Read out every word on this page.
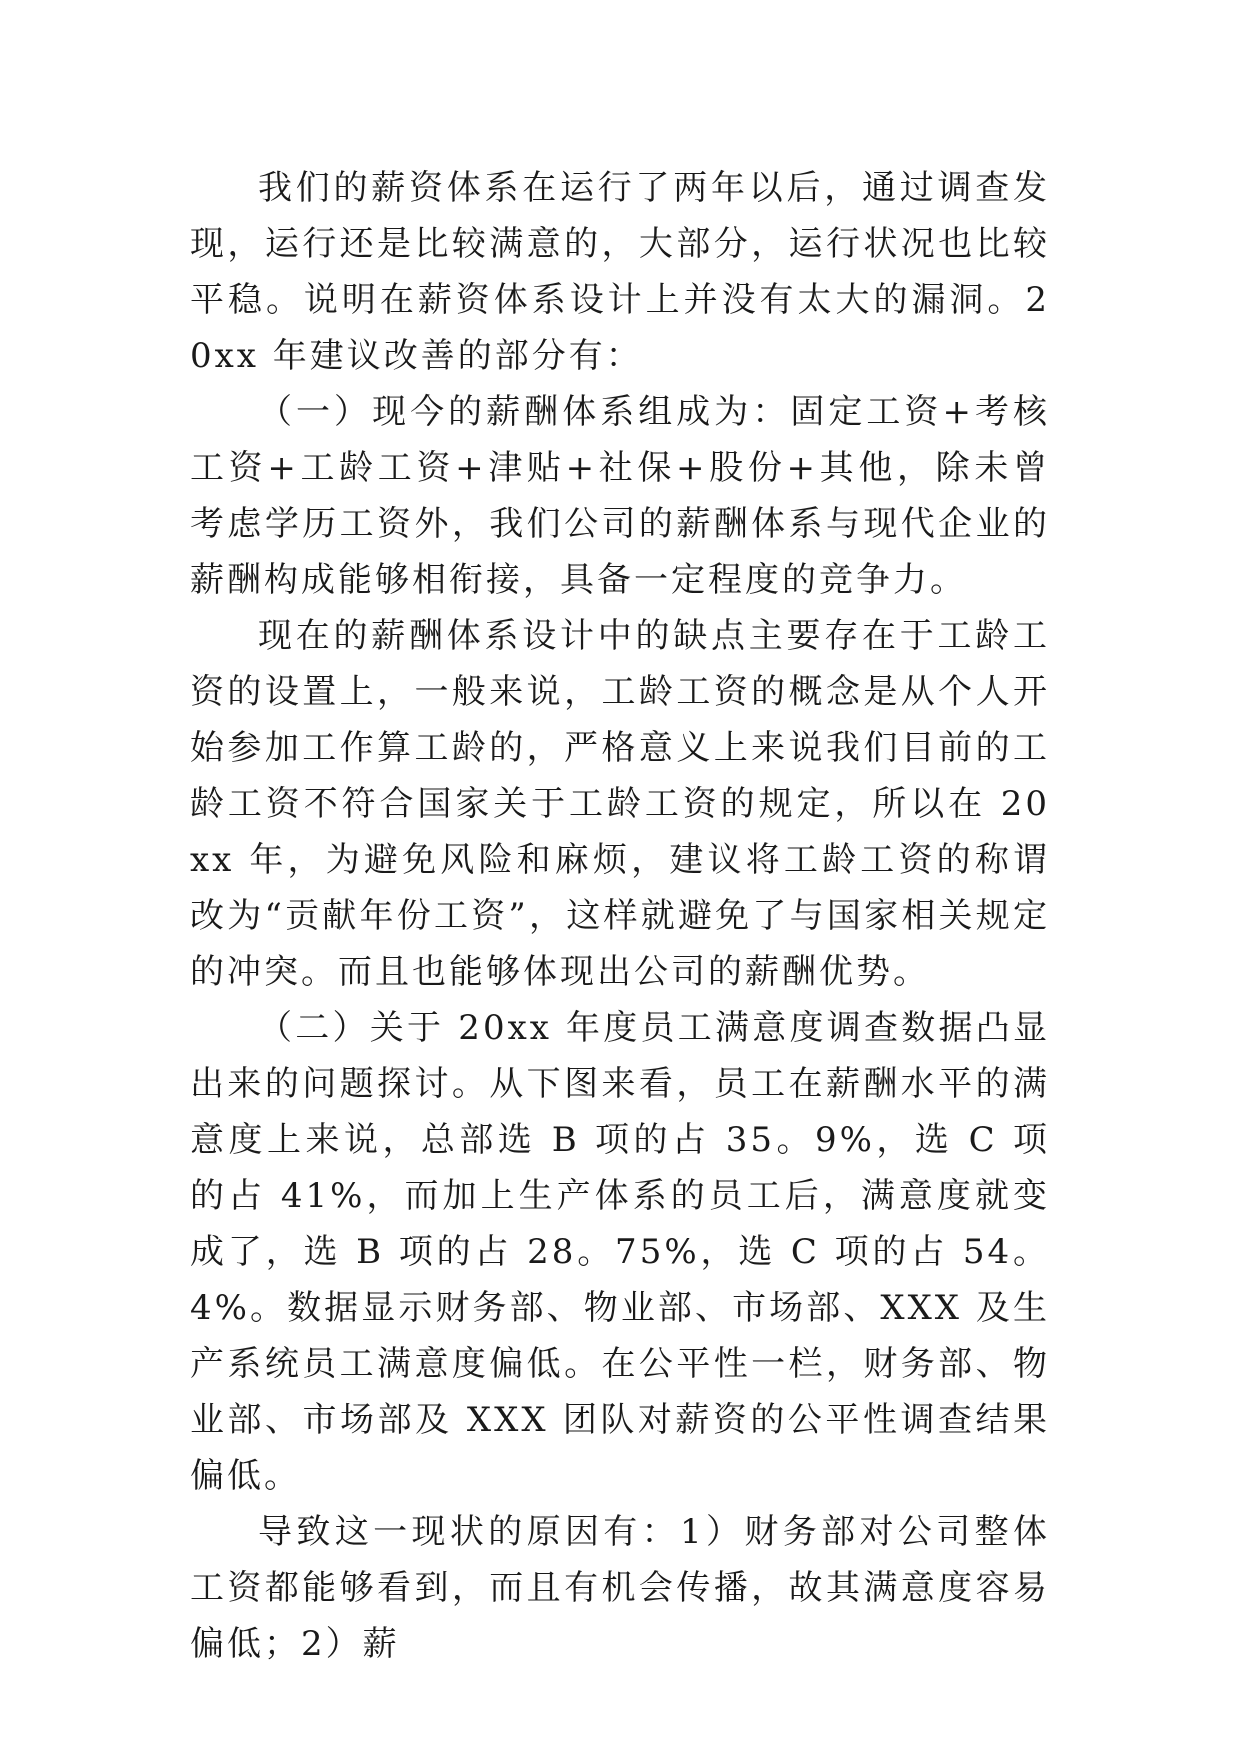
我们的薪资体系在运行了两年以后，通过调查发现，运行还是比较满意的，大部分，运行状况也比较平稳。说明在薪资体系设计上并没有太大的漏洞。20xx 年建议改善的部分有：

（一）现今的薪酬体系组成为：固定工资+考核工资+工龄工资+津贴+社保+股份+其他，除未曾考虑学历工资外，我们公司的薪酬体系与现代企业的薪酬构成能够相衔接，具备一定程度的竞争力。

现在的薪酬体系设计中的缺点主要存在于工龄工资的设置上，一般来说，工龄工资的概念是从个人开始参加工作算工龄的，严格意义上来说我们目前的工龄工资不符合国家关于工龄工资的规定，所以在 20xx 年，为避免风险和麻烦，建议将工龄工资的称谓改为“贡献年份工资”，这样就避免了与国家相关规定的冲突。而且也能够体现出公司的薪酬优势。

（二）关于 20xx 年度员工满意度调查数据凸显出来的问题探讨。从下图来看，员工在薪酬水平的满意度上来说，总部选 B 项的占 35。9%，选 C 项的占 41%，而加上生产体系的员工后，满意度就变成了，选 B 项的占 28。75%，选 C 项的占 54。4%。数据显示财务部、物业部、市场部、XXX 及生产系统员工满意度偏低。在公平性一栏，财务部、物业部、市场部及 XXX 团队对薪资的公平性调查结果偏低。

导致这一现状的原因有：1）财务部对公司整体工资都能够看到，而且有机会传播，故其满意度容易偏低；2）薪
